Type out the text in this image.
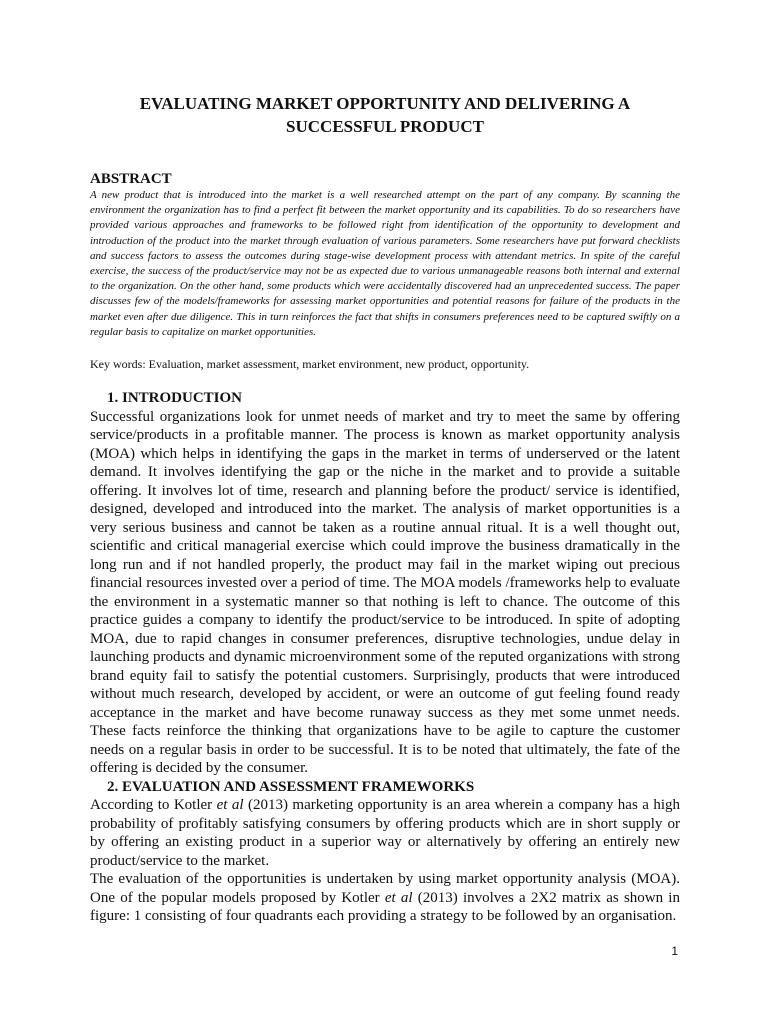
EVALUATING MARKET OPPORTUNITY AND DELIVERING A
SUCCESSFUL PRODUCT
ABSTRACT

A new product that is introduced into the market is a well researched attempt on the part of any company. By scanning the environment the organization has to find a perfect fit between the market opportunity and its capabilities. To do so researchers have provided various approaches and frameworks to be followed right from identification of the opportunity to development and introduction of the product into the market through evaluation of various parameters. Some researchers have put forward checklists and success factors to assess the outcomes during stage-wise development process with attendant metrics. In spite of the careful exercise, the success of the product/service may not be as expected due to various unmanageable reasons both internal and external to the organization. On the other hand, some products which were accidentally discovered had an unprecedented success. The paper discusses few of the models/frameworks for assessing market opportunities and potential reasons for failure of the products in the market even after due diligence. This in turn reinforces the fact that shifts in consumers preferences need to be captured swiftly on a regular basis to capitalize on market opportunities.

Key words: Evaluation, market assessment, market environment, new product, opportunity.

1. INTRODUCTION

Successful organizations look for unmet needs of market and try to meet the same by offering service/products in a profitable manner. The process is known as market opportunity analysis (MOA) which helps in identifying the gaps in the market in terms of underserved or the latent demand. It involves identifying the gap or the niche in the market and to provide a suitable offering. It involves lot of time, research and planning before the product/ service is identified, designed, developed and introduced into the market. The analysis of market opportunities is a very serious business and cannot be taken as a routine annual ritual. It is a well thought out, scientific and critical managerial exercise which could improve the business dramatically in the long run and if not handled properly, the product may fail in the market wiping out precious financial resources invested over a period of time. The MOA models /frameworks help to evaluate the environment in a systematic manner so that nothing is left to chance. The outcome of this practice guides a company to identify the product/service to be introduced. In spite of adopting MOA, due to rapid changes in consumer preferences, disruptive technologies, undue delay in launching products and dynamic microenvironment some of the reputed organizations with strong brand equity fail to satisfy the potential customers. Surprisingly, products that were introduced without much research, developed by accident, or were an outcome of gut feeling found ready acceptance in the market and have become runaway success as they met some unmet needs. These facts reinforce the thinking that organizations have to be agile to capture the customer needs on a regular basis in order to be successful. It is to be noted that ultimately, the fate of the offering is decided by the consumer.

2. EVALUATION AND ASSESSMENT FRAMEWORKS

According to Kotler et al (2013) marketing opportunity is an area wherein a company has a high probability of profitably satisfying consumers by offering products which are in short supply or by offering an existing product in a superior way or alternatively by offering an entirely new product/service to the market.

The evaluation of the opportunities is undertaken by using market opportunity analysis (MOA). One of the popular models proposed by Kotler et al (2013) involves a 2X2 matrix as shown in figure: 1 consisting of four quadrants each providing a strategy to be followed by an organisation.

1
